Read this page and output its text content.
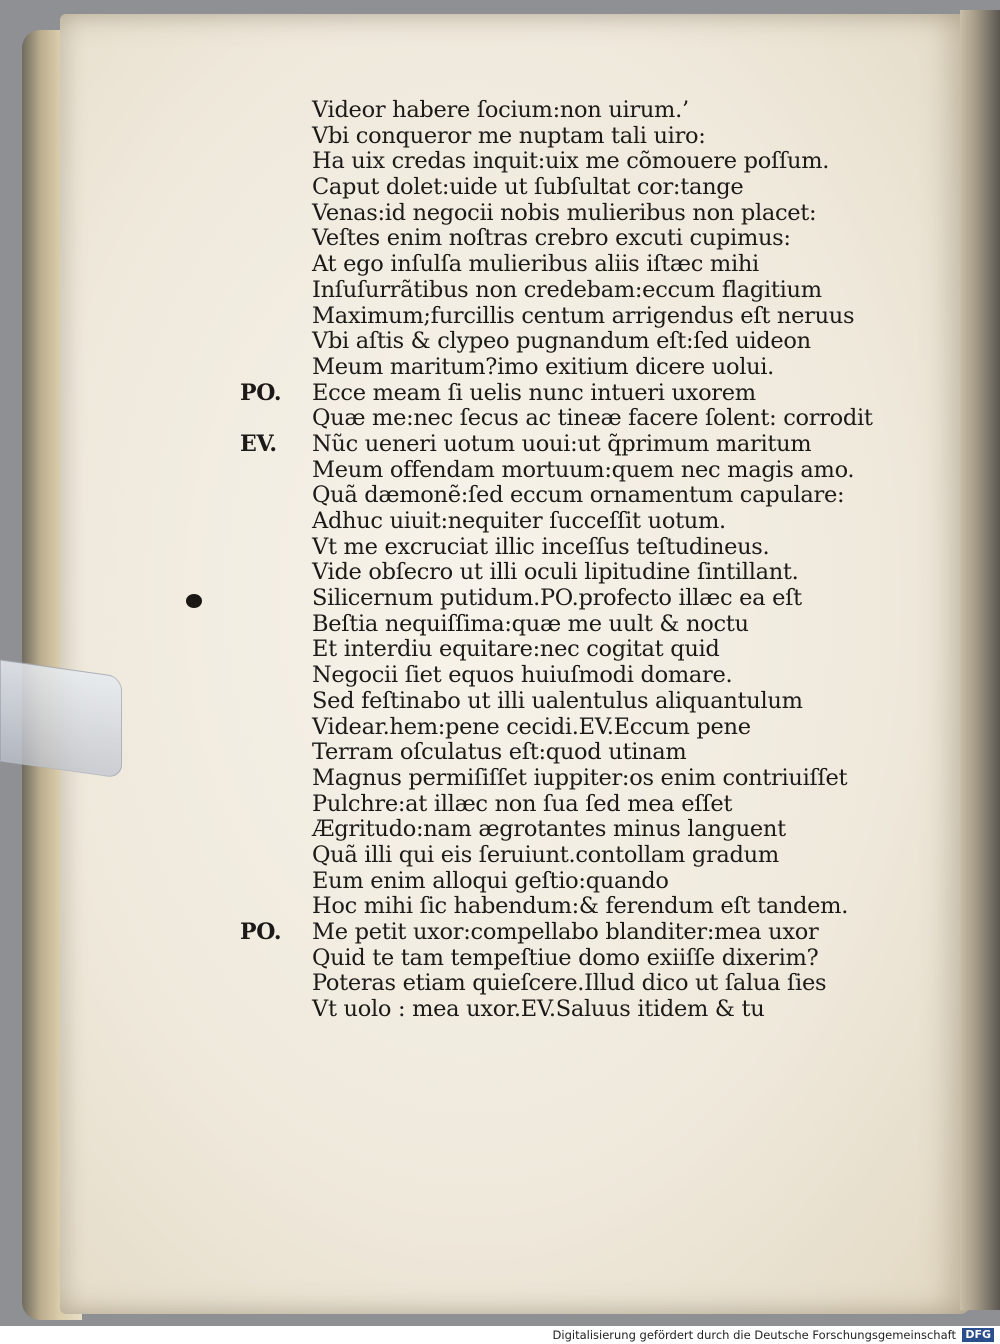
Videor habere ſocium:non uirum.’
Vbi conqueror me nuptam tali uiro:
Ha uix credas inquit:uix me cõmouere poſſum.
Caput dolet:uide ut ſubſultat cor:tange
Venas:id negocii nobis mulieribus non placet:
Veſtes enim noſtras crebro excuti cupimus:
At ego inſulſa mulieribus aliis iſtæc mihi
Inſuſurrãtibus non credebam:eccum flagitium
Maximum;furcillis centum arrigendus eſt neruus
Vbi aſtis & clypeo pugnandum eſt:ſed uideon
Meum maritum?imo exitium dicere uolui.
PO.	Ecce meam ſi uelis nunc intueri uxorem
Quæ me:nec ſecus ac tineæ facere ſolent: corrodit
EV.	Nũc ueneri uotum uoui:ut q̃primum maritum
Meum offendam mortuum:quem nec magis amo.
Quã dæmonẽ:ſed eccum ornamentum capulare:
Adhuc uiuit:nequiter ſucceſſit uotum.
Vt me excruciat illic inceſſus teſtudineus.
Vide obſecro ut illi oculi lipitudine ſintillant.
Silicernum putidum.PO.profecto illæc ea eſt
Beſtia nequiſſima:quæ me uult & noctu
Et interdiu equitare:nec cogitat quid
Negocii ſiet equos huiuſmodi domare.
Sed feſtinabo ut illi ualentulus aliquantulum
Videar.hem:pene cecidi.EV.Eccum pene
Terram oſculatus eſt:quod utinam
Magnus permiſiſſet iuppiter:os enim contriuiſſet
Pulchre:at illæc non ſua ſed mea eſſet
Ægritudo:nam ægrotantes minus languent
Quã illi qui eis ſeruiunt.contollam gradum
Eum enim alloqui geſtio:quando
Hoc mihi ſic habendum:& ferendum eſt tandem.
PO.	Me petit uxor:compellabo blanditer:mea uxor
Quid te tam tempeſtiue domo exiiſſe dixerim?
Poteras etiam quieſcere.Illud dico ut ſalua ſies
Vt uolo : mea uxor.EV.Saluus itidem & tu
Digitalisierung gefördert durch die Deutsche Forschungsgemeinschaft DFG
